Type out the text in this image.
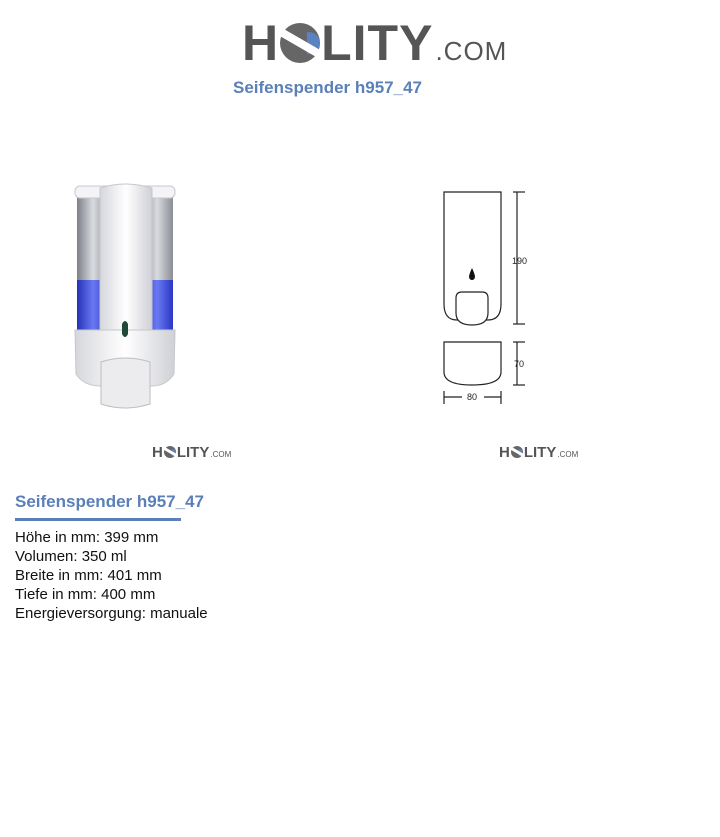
H LITY .COM
Seifenspender h957_47
H LITY .COM
190
70
80
H LITY .COM
Seifenspender h957_47
Höhe in mm: 399 mm
Volumen: 350 ml
Breite in mm: 401 mm
Tiefe in mm: 400 mm
Energieversorgung: manuale
